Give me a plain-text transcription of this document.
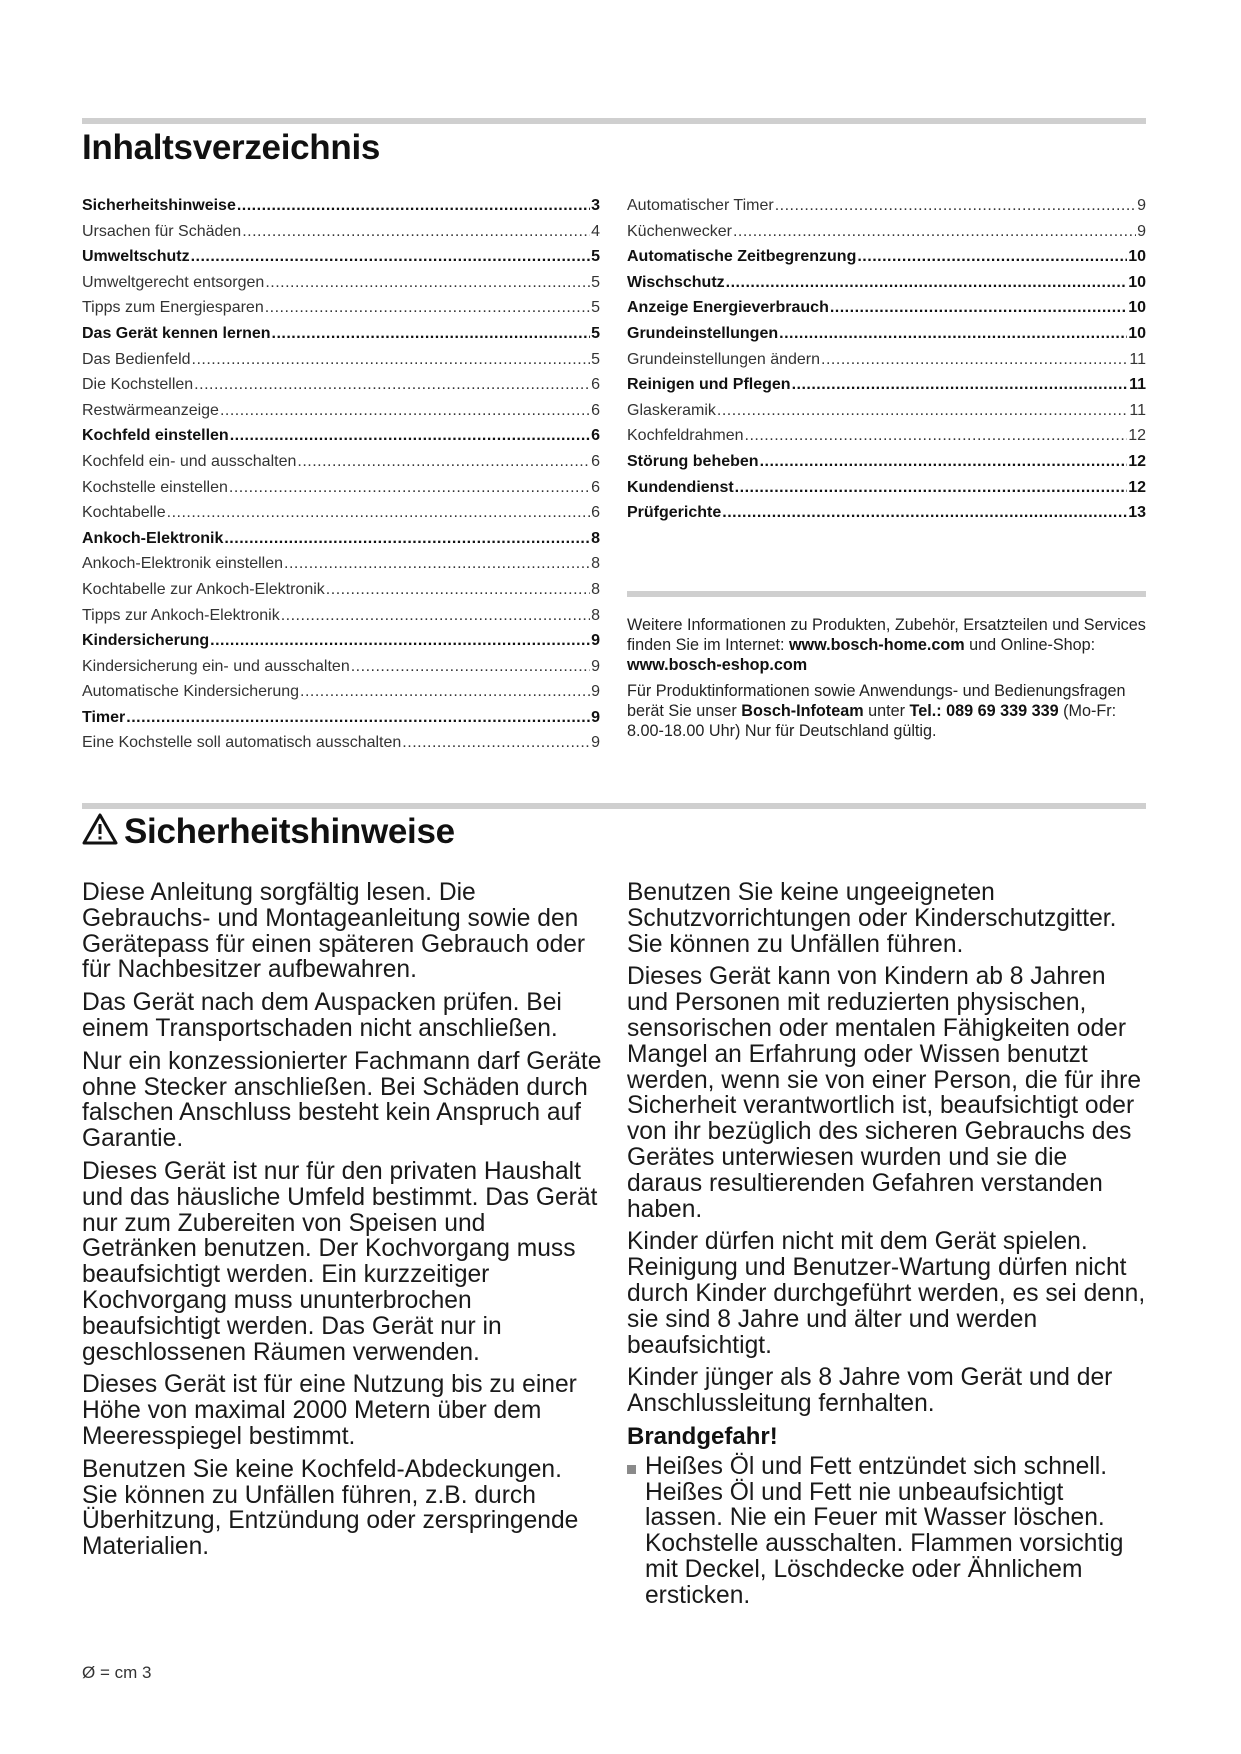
Inhaltsverzeichnis
Sicherheitshinweise .....	3
Ursachen für Schäden .....	4
Umweltschutz .....	5
Umweltgerecht entsorgen .....	5
Tipps zum Energiesparen .....	5
Das Gerät kennen lernen .....	5
Das Bedienfeld .....	5
Die Kochstellen .....	6
Restwärmeanzeige .....	6
Kochfeld einstellen .....	6
Kochfeld ein- und ausschalten .....	6
Kochstelle einstellen .....	6
Kochtabelle .....	6
Ankoch-Elektronik .....	8
Ankoch-Elektronik einstellen .....	8
Kochtabelle zur Ankoch-Elektronik .....	8
Tipps zur Ankoch-Elektronik .....	8
Kindersicherung .....	9
Kindersicherung ein- und ausschalten .....	9
Automatische Kindersicherung .....	9
Timer .....	9
Eine Kochstelle soll automatisch ausschalten .....	9
Automatischer Timer .....	9
Küchenwecker .....	9
Automatische Zeitbegrenzung .....	10
Wischschutz .....	10
Anzeige Energieverbrauch .....	10
Grundeinstellungen .....	10
Grundeinstellungen ändern .....	11
Reinigen und Pflegen .....	11
Glaskeramik .....	11
Kochfeldrahmen .....	12
Störung beheben .....	12
Kundendienst .....	12
Prüfgerichte .....	13

Weitere Informationen zu Produkten, Zubehör, Ersatzteilen und Services finden Sie im Internet: www.bosch-home.com und Online-Shop: www.bosch-eshop.com

Für Produktinformationen sowie Anwendungs- und Bedienungsfragen berät Sie unser Bosch-Infoteam unter Tel.: 089 69 339 339 (Mo-Fr: 8.00-18.00 Uhr) Nur für Deutschland gültig.

Sicherheitshinweise

Diese Anleitung sorgfältig lesen. Die Gebrauchs- und Montageanleitung sowie den Gerätepass für einen späteren Gebrauch oder für Nachbesitzer aufbewahren.

Das Gerät nach dem Auspacken prüfen. Bei einem Transportschaden nicht anschließen.

Nur ein konzessionierter Fachmann darf Geräte ohne Stecker anschließen. Bei Schäden durch falschen Anschluss besteht kein Anspruch auf Garantie.

Dieses Gerät ist nur für den privaten Haushalt und das häusliche Umfeld bestimmt. Das Gerät nur zum Zubereiten von Speisen und Getränken benutzen. Der Kochvorgang muss beaufsichtigt werden. Ein kurzzeitiger Kochvorgang muss ununterbrochen beaufsichtigt werden. Das Gerät nur in geschlossenen Räumen verwenden.

Dieses Gerät ist für eine Nutzung bis zu einer Höhe von maximal 2000 Metern über dem Meeresspiegel bestimmt.

Benutzen Sie keine Kochfeld-Abdeckungen. Sie können zu Unfällen führen, z.B. durch Überhitzung, Entzündung oder zerspringende Materialien.

Benutzen Sie keine ungeeigneten Schutzvorrichtungen oder Kinderschutzgitter. Sie können zu Unfällen führen.

Dieses Gerät kann von Kindern ab 8 Jahren und Personen mit reduzierten physischen, sensorischen oder mentalen Fähigkeiten oder Mangel an Erfahrung oder Wissen benutzt werden, wenn sie von einer Person, die für ihre Sicherheit verantwortlich ist, beaufsichtigt oder von ihr bezüglich des sicheren Gebrauchs des Gerätes unterwiesen wurden und sie die daraus resultierenden Gefahren verstanden haben.

Kinder dürfen nicht mit dem Gerät spielen. Reinigung und Benutzer-Wartung dürfen nicht durch Kinder durchgeführt werden, es sei denn, sie sind 8 Jahre und älter und werden beaufsichtigt.

Kinder jünger als 8 Jahre vom Gerät und der Anschlussleitung fernhalten.

Brandgefahr!
Heißes Öl und Fett entzündet sich schnell. Heißes Öl und Fett nie unbeaufsichtigt lassen. Nie ein Feuer mit Wasser löschen. Kochstelle ausschalten. Flammen vorsichtig mit Deckel, Löschdecke oder Ähnlichem ersticken.
Ø = cm 3
